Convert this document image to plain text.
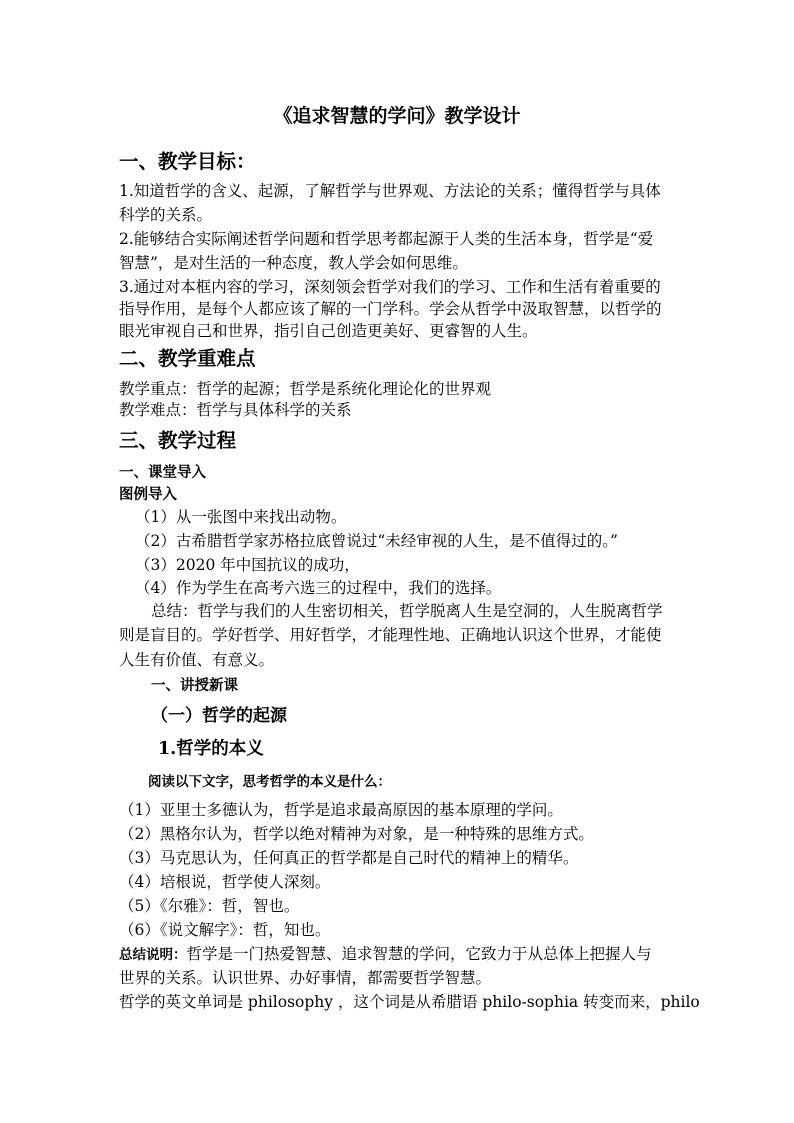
《追求智慧的学问》教学设计
一、教学目标：
1.知道哲学的含义、起源，了解哲学与世界观、方法论的关系；懂得哲学与具体
科学的关系。
2.能够结合实际阐述哲学问题和哲学思考都起源于人类的生活本身，哲学是“爱
智慧”，是对生活的一种态度，教人学会如何思维。
3.通过对本框内容的学习，深刻领会哲学对我们的学习、工作和生活有着重要的
指导作用，是每个人都应该了解的一门学科。学会从哲学中汲取智慧，以哲学的
眼光审视自己和世界，指引自己创造更美好、更睿智的人生。
二、教学重难点
教学重点：哲学的起源；哲学是系统化理论化的世界观
教学难点：哲学与具体科学的关系
三、教学过程
一、课堂导入
图例导入
（1）从一张图中来找出动物。
（2）古希腊哲学家苏格拉底曾说过“未经审视的人生，是不值得过的。”
（3）2020 年中国抗议的成功，
（4）作为学生在高考六选三的过程中，我们的选择。
总结：哲学与我们的人生密切相关，哲学脱离人生是空洞的，人生脱离哲学
则是盲目的。学好哲学、用好哲学，才能理性地、正确地认识这个世界，才能使
人生有价值、有意义。
一、讲授新课
（一）哲学的起源
1.哲学的本义
阅读以下文字，思考哲学的本义是什么：
（1）亚里士多德认为，哲学是追求最高原因的基本原理的学问。
（2）黑格尔认为，哲学以绝对精神为对象，是一种特殊的思维方式。
（3）马克思认为，任何真正的哲学都是自己时代的精神上的精华。
（4）培根说，哲学使人深刻。
（5）《尔雅》：哲，智也。
（6）《说文解字》：哲，知也。
总结说明：哲学是一门热爱智慧、追求智慧的学问，它致力于从总体上把握人与
世界的关系。认识世界、办好事情，都需要哲学智慧。
哲学的英文单词是 philosophy ，这个词是从希腊语 philo-sophia 转变而来，philo
